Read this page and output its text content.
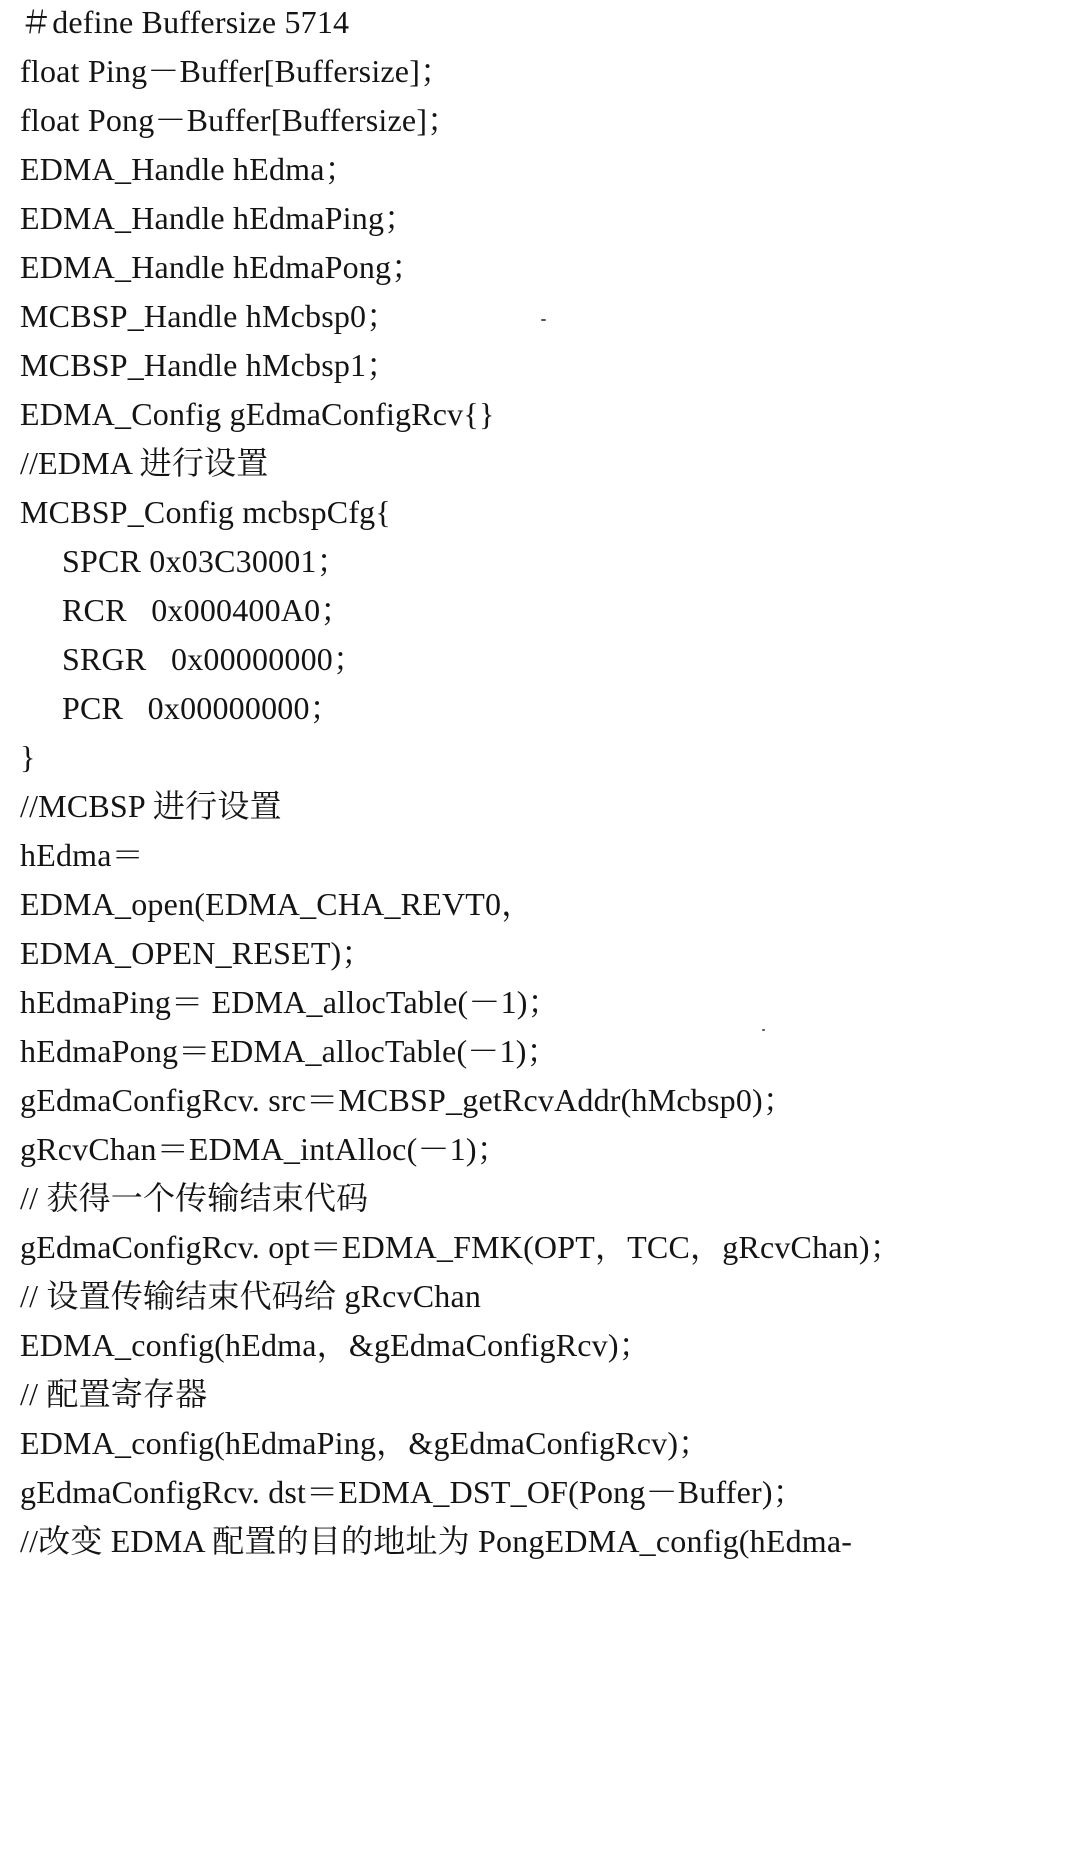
＃define Buffersize 5714
float Ping－Buffer[Buffersize]；
float Pong－Buffer[Buffersize]；
EDMA_Handle hEdma；
EDMA_Handle hEdmaPing；
EDMA_Handle hEdmaPong；
MCBSP_Handle hMcbsp0；
MCBSP_Handle hMcbsp1；
EDMA_Config gEdmaConfigRcv{}
//EDMA 进行设置
MCBSP_Config mcbspCfg{
SPCR 0x03C30001；
RCR   0x000400A0；
SRGR   0x00000000；
PCR   0x00000000；
}
//MCBSP 进行设置
hEdma＝
EDMA_open(EDMA_CHA_REVT0，
EDMA_OPEN_RESET)；
hEdmaPing＝ EDMA_allocTable(－1)；
hEdmaPong＝EDMA_allocTable(－1)；
gEdmaConfigRcv. src＝MCBSP_getRcvAddr(hMcbsp0)；
gRcvChan＝EDMA_intAlloc(－1)；
// 获得一个传输结束代码
gEdmaConfigRcv. opt＝EDMA_FMK(OPT，TCC，gRcvChan)；
// 设置传输结束代码给 gRcvChan
EDMA_config(hEdma，&gEdmaConfigRcv)；
// 配置寄存器
EDMA_config(hEdmaPing，&gEdmaConfigRcv)；
gEdmaConfigRcv. dst＝EDMA_DST_OF(Pong－Buffer)；
//改变 EDMA 配置的目的地址为 PongEDMA_config(hEdma-
